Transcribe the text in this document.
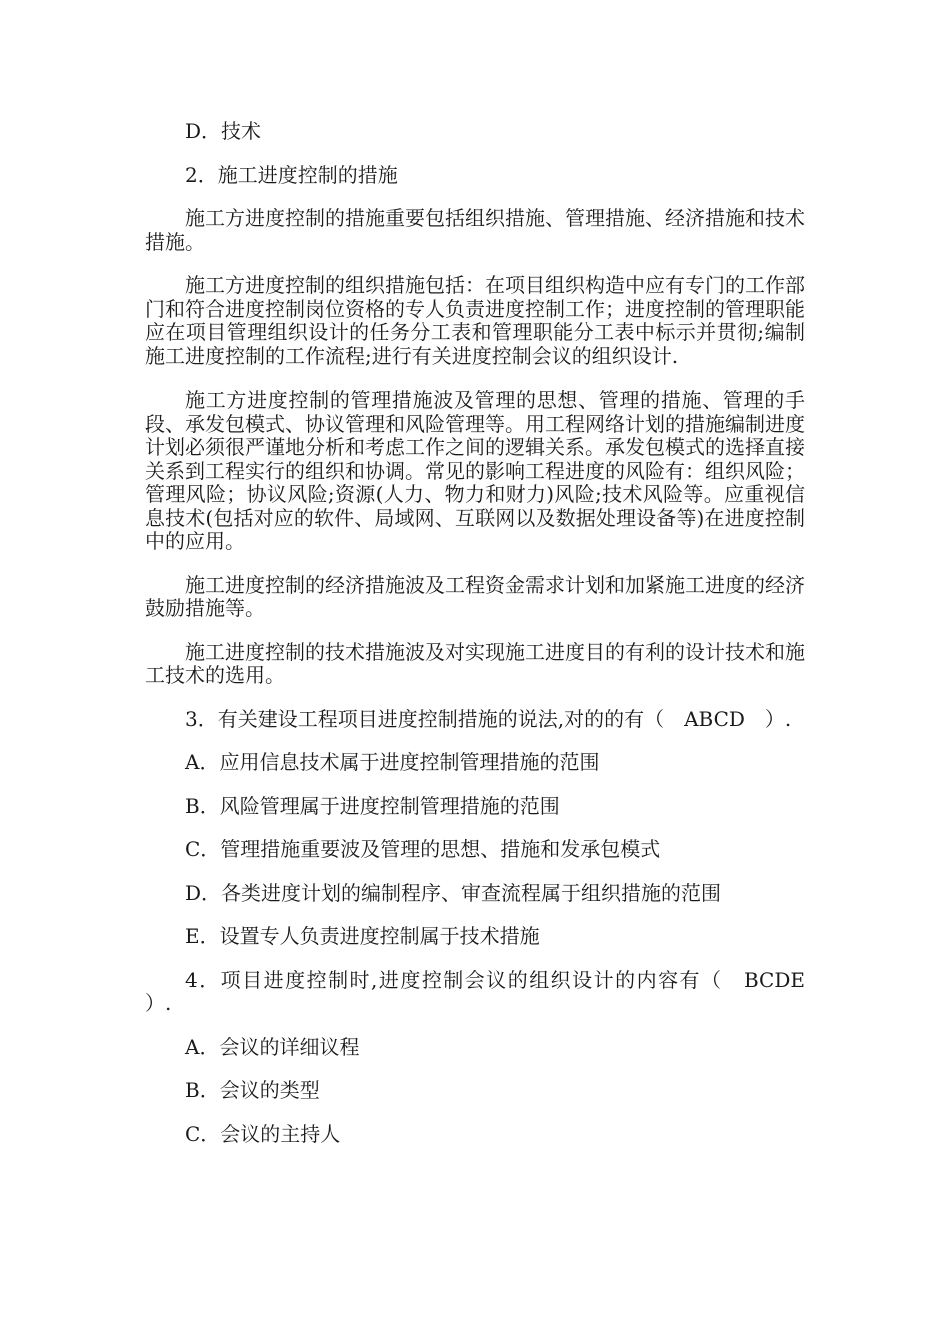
D．技术

2．施工进度控制的措施

施工方进度控制的措施重要包括组织措施、管理措施、经济措施和技术措施。

施工方进度控制的组织措施包括：在项目组织构造中应有专门的工作部门和符合进度控制岗位资格的专人负责进度控制工作；进度控制的管理职能应在项目管理组织设计的任务分工表和管理职能分工表中标示并贯彻;编制施工进度控制的工作流程;进行有关进度控制会议的组织设计.

施工方进度控制的管理措施波及管理的思想、管理的措施、管理的手段、承发包模式、协议管理和风险管理等。用工程网络计划的措施编制进度计划必须很严谨地分析和考虑工作之间的逻辑关系。承发包模式的选择直接关系到工程实行的组织和协调。常见的影响工程进度的风险有：组织风险；管理风险；协议风险;资源(人力、物力和财力)风险;技术风险等。应重视信息技术(包括对应的软件、局域网、互联网以及数据处理设备等)在进度控制中的应用。

施工进度控制的经济措施波及工程资金需求计划和加紧施工进度的经济鼓励措施等。

施工进度控制的技术措施波及对实现施工进度目的有利的设计技术和施工技术的选用。

3．有关建设工程项目进度控制措施的说法,对的的有（　ABCD　）.

A．应用信息技术属于进度控制管理措施的范围

B．风险管理属于进度控制管理措施的范围

C．管理措施重要波及管理的思想、措施和发承包模式

D．各类进度计划的编制程序、审查流程属于组织措施的范围

E．设置专人负责进度控制属于技术措施

4．项目进度控制时,进度控制会议的组织设计的内容有（　BCDE　）.

A．会议的详细议程

B．会议的类型

C．会议的主持人
